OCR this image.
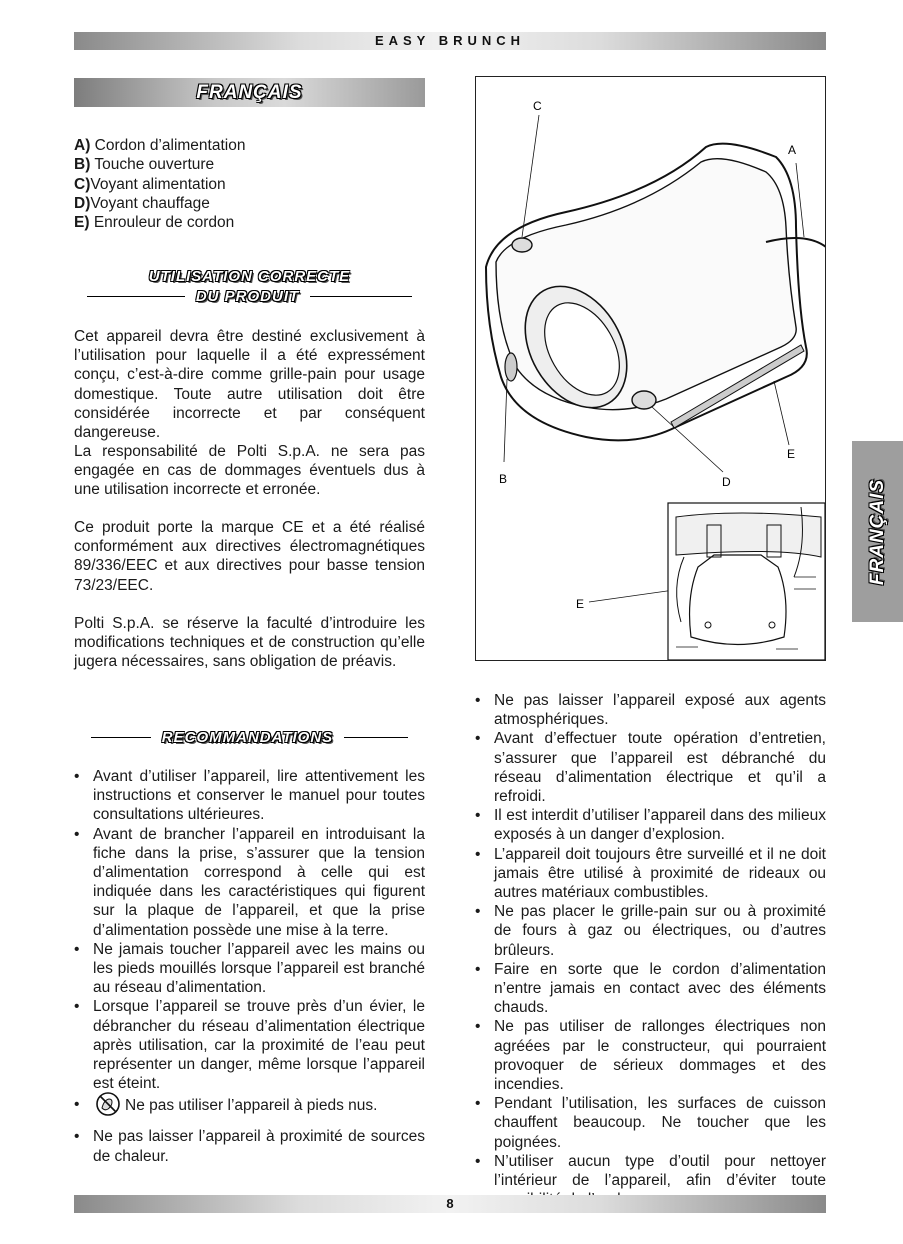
EASY BRUNCH
FRANÇAIS
A) Cordon d’alimentation
B) Touche ouverture
C)Voyant alimentation
D)Voyant chauffage
E) Enrouleur de cordon
UTILISATION CORRECTE
DU PRODUIT

Cet appareil devra être destiné exclusivement à l’utilisation pour laquelle il a été expressément conçu, c’est-à-dire comme grille-pain pour usage domestique. Toute autre utilisation doit être considérée incorrecte et par conséquent dangereuse.

La responsabilité de Polti S.p.A. ne sera pas engagée en cas de dommages éventuels dus à une utilisation incorrecte et erronée.

Ce produit porte la marque CE et a été réalisé conformément aux directives électromagnétiques 89/336/EEC et aux directives pour basse tension 73/23/EEC.

Polti S.p.A. se réserve la faculté d’introduire les modifications techniques et de construction qu’elle jugera nécessaires, sans obligation de préavis.

RECOMMANDATIONS
• Avant d’utiliser l’appareil, lire attentivement les instructions et conserver le manuel pour toutes consultations ultérieures.
• Avant de brancher l’appareil en introduisant la fiche dans la prise, s’assurer que la tension d’alimentation correspond à celle qui est indiquée dans les caractéristiques qui figurent sur la plaque de l’appareil, et que la prise d’alimentation possède une mise à la terre.
• Ne jamais toucher l’appareil avec les mains ou les pieds mouillés lorsque l’appareil est branché au réseau d’alimentation.
• Lorsque l’appareil se trouve près d’un évier, le débrancher du réseau d’alimentation électrique après utilisation, car la proximité de l’eau peut représenter un danger, même lorsque l’appareil est éteint.
• Ne pas utiliser l’appareil à pieds nus.
• Ne pas laisser l’appareil à proximité de sources de chaleur.
C
A
B	D
E
E
• Ne pas laisser l’appareil exposé aux agents atmosphériques.
• Avant d’effectuer toute opération d’entretien, s’assurer que l’appareil est débranché du réseau d’alimentation électrique et qu’il a refroidi.
• Il est interdit d’utiliser l’appareil dans des milieux exposés à un danger d’explosion.
• L’appareil doit toujours être surveillé et il ne doit jamais être utilisé à proximité de rideaux ou autres matériaux combustibles.
• Ne pas placer le grille-pain sur ou à proximité de fours à gaz ou électriques, ou d’autres brûleurs.
• Faire en sorte que le cordon d’alimentation n’entre jamais en contact avec des éléments chauds.
• Ne pas utiliser de rallonges électriques non agréées par le constructeur, qui pourraient provoquer de sérieux dommages et des incendies.
• Pendant l’utilisation, les surfaces de cuisson chauffent beaucoup. Ne toucher que les poignées.
• N’utiliser aucun type d’outil pour nettoyer l’intérieur de l’appareil, afin d’éviter toute
FRANÇAIS
8
